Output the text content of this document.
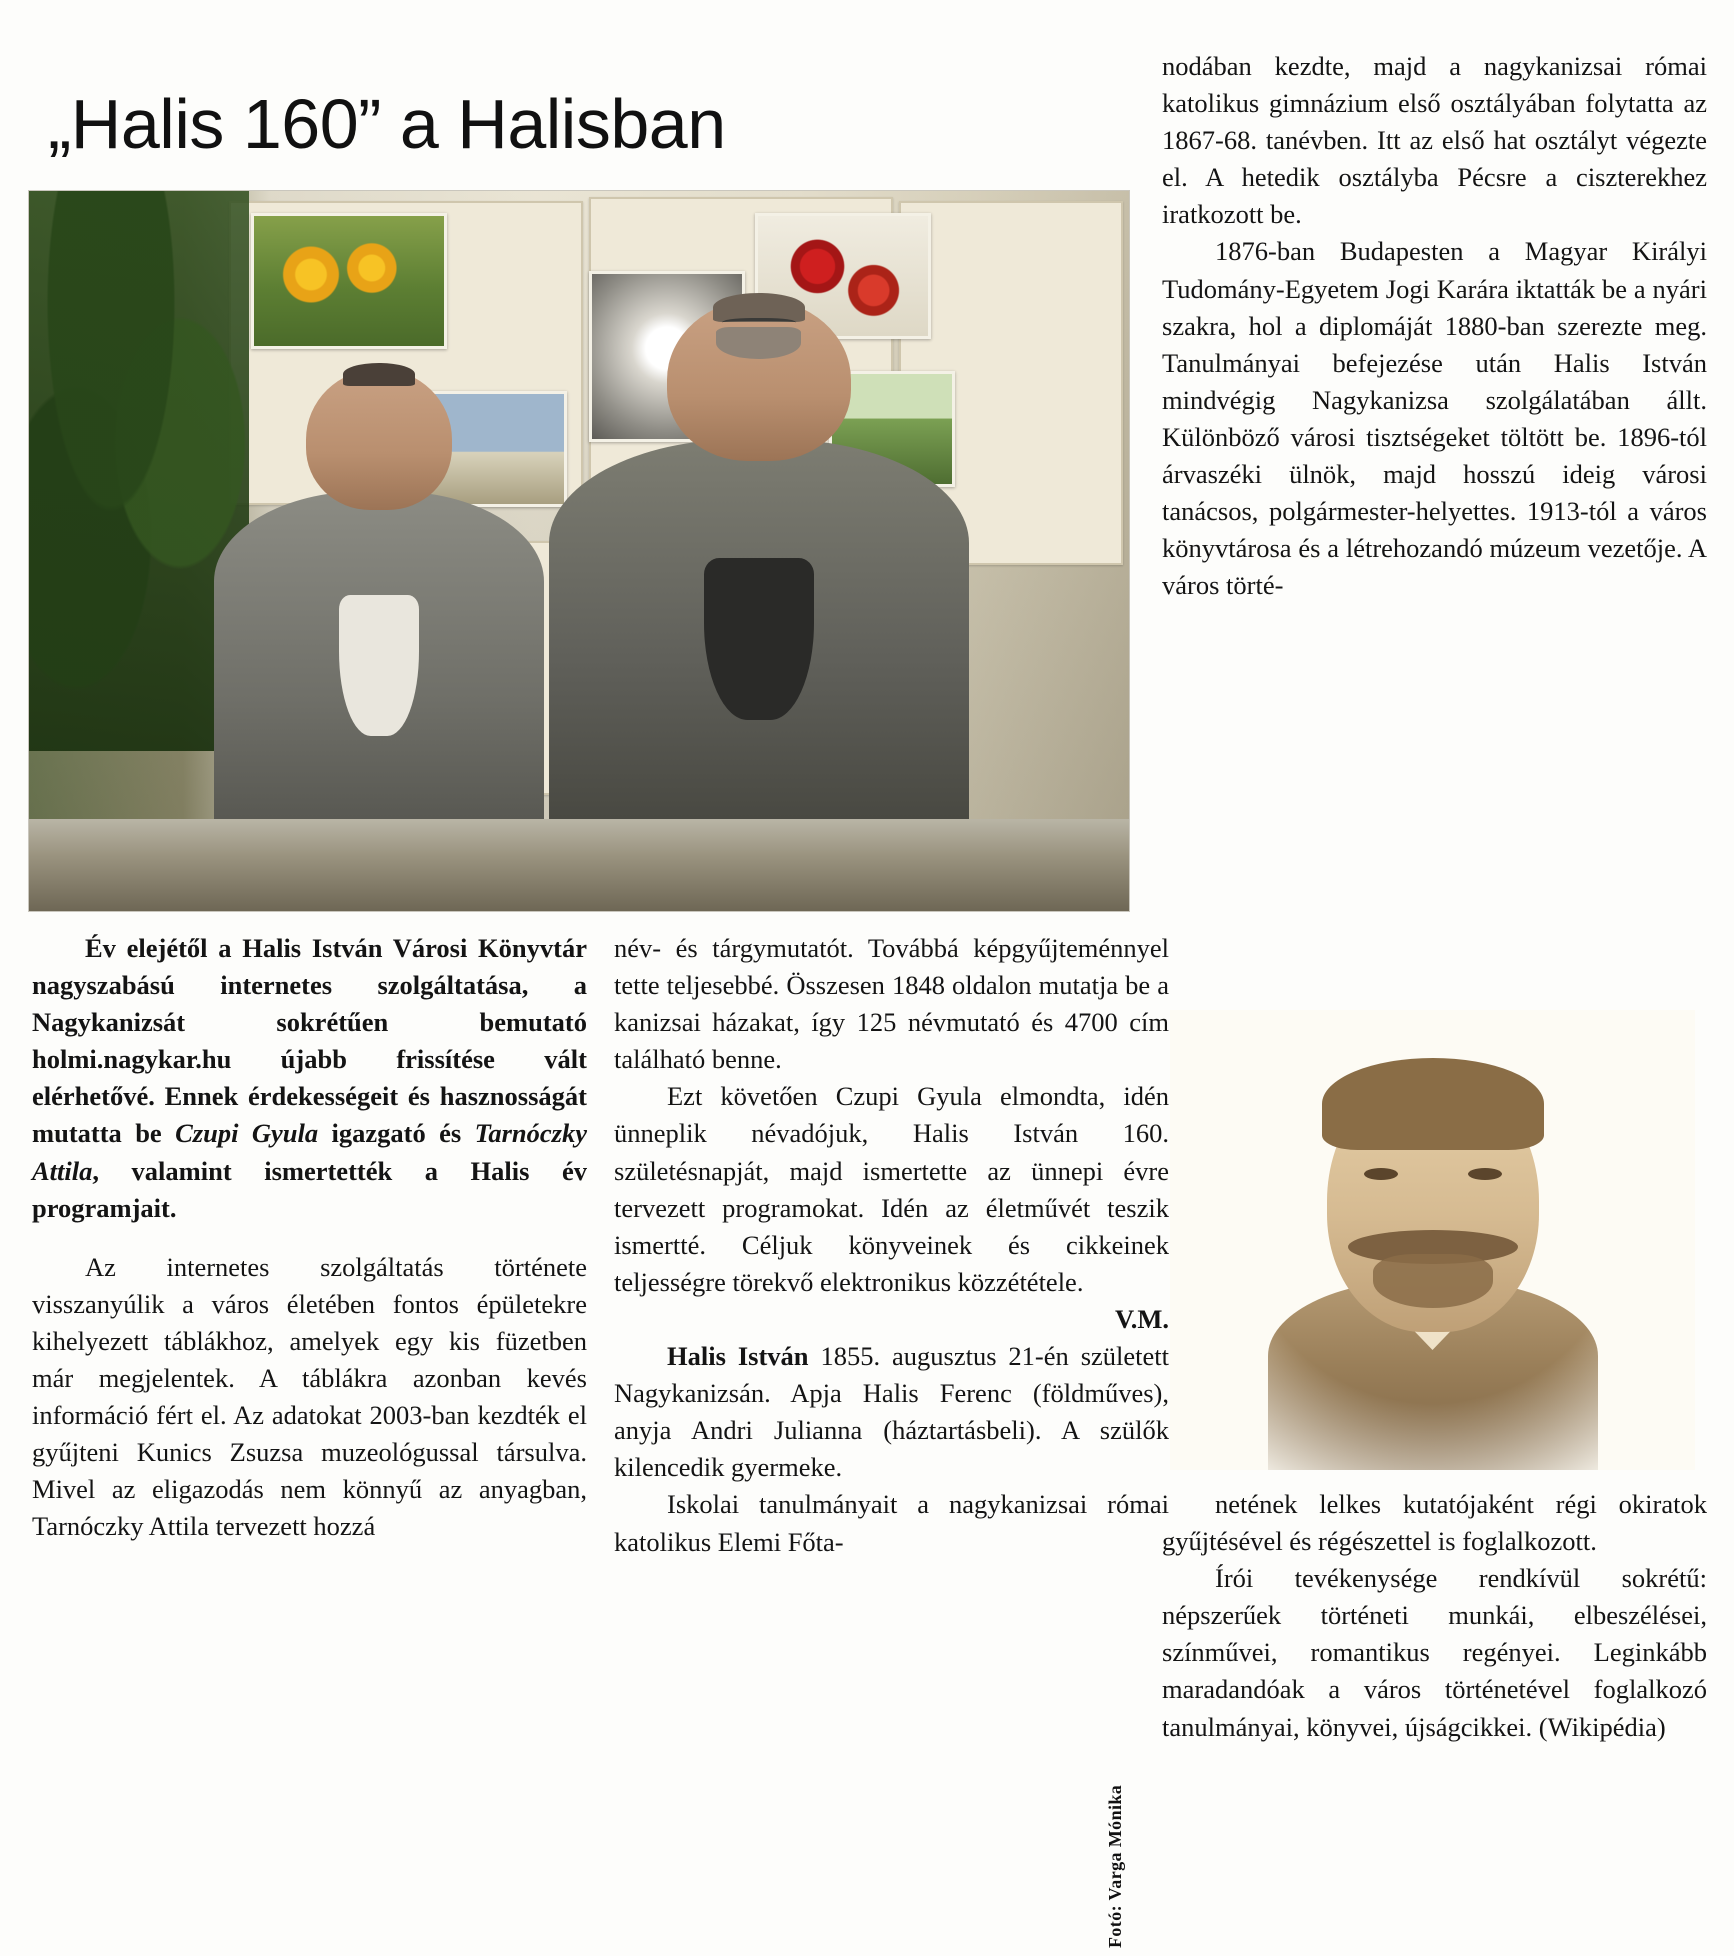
„Halis 160” a Halisban
Fotó: Varga Mónika

Év elejétől a Halis István Városi Könyvtár nagyszabású internetes szolgáltatása, a Nagykanizsát sokrétűen bemutató holmi.nagykar.hu újabb frissítése vált elérhetővé. Ennek érdekességeit és hasznosságát mutatta be Czupi Gyula igazgató és Tarnóczky Attila, valamint ismertették a Halis év programjait.

Az internetes szolgáltatás története visszanyúlik a város életében fontos épületekre kihelyezett táblákhoz, amelyek egy kis füzetben már megjelentek. A táblákra azonban kevés információ fért el. Az adatokat 2003-ban kezdték el gyűjteni Kunics Zsuzsa muzeológussal társulva. Mivel az eligazodás nem könnyű az anyagban, Tarnóczky Attila tervezett hozzá

név- és tárgymutatót. Továbbá képgyűjteménnyel tette teljesebbé. Összesen 1848 oldalon mutatja be a kanizsai házakat, így 125 névmutató és 4700 cím található benne.

Ezt követően Czupi Gyula elmondta, idén ünneplik névadójuk, Halis István 160. születésnapját, majd ismertette az ünnepi évre tervezett programokat. Idén az életművét teszik ismertté. Céljuk könyveinek és cikkeinek teljességre törekvő elektronikus közzététele.

V.M.

Halis István 1855. augusztus 21-én született Nagykanizsán. Apja Halis Ferenc (földműves), anyja Andri Julianna (háztartásbeli). A szülők kilencedik gyermeke.

Iskolai tanulmányait a nagykanizsai római katolikus Elemi Főta-

nodában kezdte, majd a nagykanizsai római katolikus gimnázium első osztályában folytatta az 1867-68. tanévben. Itt az első hat osztályt végezte el. A hetedik osztályba Pécsre a ciszterekhez iratkozott be.

1876-ban Budapesten a Magyar Királyi Tudomány-Egyetem Jogi Karára iktatták be a nyári szakra, hol a diplomáját 1880-ban szerezte meg. Tanulmányai befejezése után Halis István mindvégig Nagykanizsa szolgálatában állt. Különböző városi tisztségeket töltött be. 1896-tól árvaszéki ülnök, majd hosszú ideig városi tanácsos, polgármester-helyettes. 1913-tól a város könyvtárosa és a létrehozandó múzeum vezetője. A város törté-

netének lelkes kutatójaként régi okiratok gyűjtésével és régészettel is foglalkozott.

Írói tevékenysége rendkívül sokrétű: népszerűek történeti munkái, elbeszélései, színművei, romantikus regényei. Leginkább maradandóak a város történetével foglalkozó tanulmányai, könyvei, újságcikkei. (Wikipédia)
